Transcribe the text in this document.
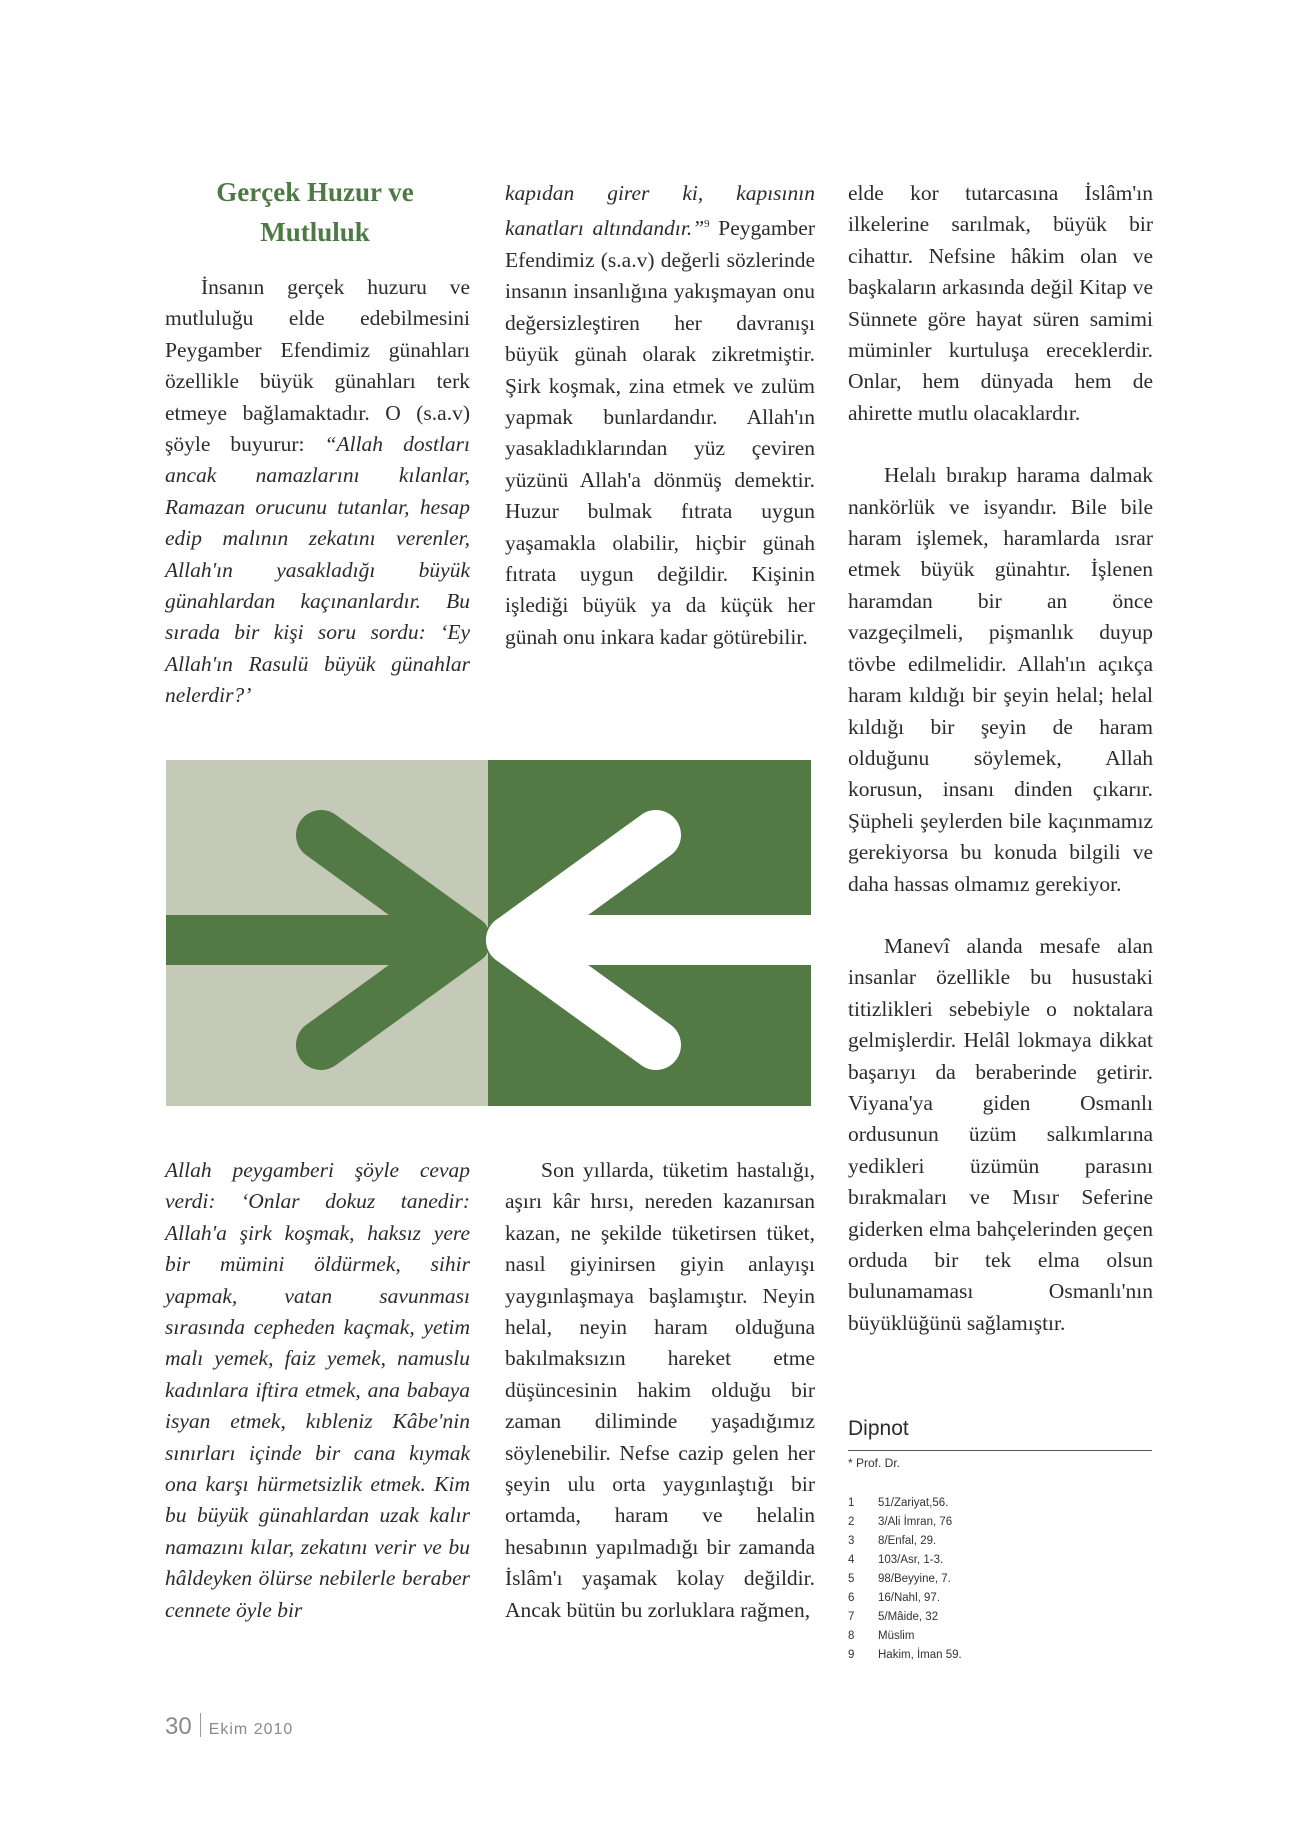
Gerçek Huzur ve
Mutluluk

İnsanın gerçek huzuru ve mutluluğu elde edebilmesini Peygamber Efendimiz günahları özellikle büyük günahları terk etmeye bağlamaktadır. O (s.a.v) şöyle buyurur: “Allah dostları ancak namazlarını kılanlar, Ramazan orucunu tutanlar, hesap edip malının zekatını verenler, Allah'ın yasakladığı büyük günahlardan kaçınanlardır. Bu sırada bir kişi soru sordu: ‘Ey Allah'ın Rasulü büyük günahlar nelerdir?’

kapıdan girer ki, kapısının kanatları altındandır.”$^9$ Peygamber Efendimiz (s.a.v) değerli sözlerinde insanın insanlığına yakışmayan onu değersizleştiren her davranışı büyük günah olarak zikretmiştir. Şirk koşmak, zina etmek ve zulüm yapmak bunlardandır. Allah'ın yasakladıklarından yüz çeviren yüzünü Allah'a dönmüş demektir. Huzur bulmak fıtrata uygun yaşamakla olabilir, hiçbir günah fıtrata uygun değildir. Kişinin işlediği büyük ya da küçük her günah onu inkara kadar götürebilir.

elde kor tutarcasına İslâm'ın ilkelerine sarılmak, büyük bir cihattır. Nefsine hâkim olan ve başkaların arkasında değil Kitap ve Sünnete göre hayat süren samimi müminler kurtuluşa ereceklerdir. Onlar, hem dünyada hem de ahirette mutlu olacaklardır.

Helalı bırakıp harama dalmak nankörlük ve isyandır. Bile bile haram işlemek, haramlarda ısrar etmek büyük günahtır. İşlenen haramdan bir an önce vazgeçilmeli, pişmanlık duyup tövbe edilmelidir. Allah'ın açıkça haram kıldığı bir şeyin helal; helal kıldığı bir şeyin de haram olduğunu söylemek, Allah korusun, insanı dinden çıkarır. Şüpheli şeylerden bile kaçınmamız gerekiyorsa bu konuda bilgili ve daha hassas olmamız gerekiyor.

Manevî alanda mesafe alan insanlar özellikle bu husustaki titizlikleri sebebiyle o noktalara gelmişlerdir. Helâl lokmaya dikkat başarıyı da beraberinde getirir. Viyana'ya giden Osmanlı ordusunun üzüm salkımlarına yedikleri üzümün parasını bırakmaları ve Mısır Seferine giderken elma bahçelerinden geçen orduda bir tek elma olsun bulunamaması Osmanlı'nın büyüklüğünü sağlamıştır.

Allah peygamberi şöyle cevap verdi: ‘Onlar dokuz tanedir: Allah'a şirk koşmak, haksız yere bir mümini öldürmek, sihir yapmak, vatan savunması sırasında cepheden kaçmak, yetim malı yemek, faiz yemek, namuslu kadınlara iftira etmek, ana babaya isyan etmek, kıbleniz Kâbe'nin sınırları içinde bir cana kıymak ona karşı hürmetsizlik etmek. Kim bu büyük günahlardan uzak kalır namazını kılar, zekatını verir ve bu hâldeyken ölürse nebilerle beraber cennete öyle bir

Son yıllarda, tüketim hastalığı, aşırı kâr hırsı, nereden kazanırsan kazan, ne şekilde tüketirsen tüket, nasıl giyinirsen giyin anlayışı yaygınlaşmaya başlamıştır. Neyin helal, neyin haram olduğuna bakılmaksızın hareket etme düşüncesinin hakim olduğu bir zaman diliminde yaşadığımız söylenebilir. Nefse cazip gelen her şeyin ulu orta yaygınlaştığı bir ortamda, haram ve helalin hesabının yapılmadığı bir zamanda İslâm'ı yaşamak kolay değildir. Ancak bütün bu zorluklara rağmen,

Dipnot
* Prof. Dr.
1	51/Zariyat,56.
2	3/Ali İmran, 76
3	8/Enfal, 29.
4	103/Asr, 1-3.
5	98/Beyyine, 7.
6	16/Nahl, 97.
7	5/Mâide, 32
8	Müslim
9	Hakim, İman 59.
30 Ekim 2010
